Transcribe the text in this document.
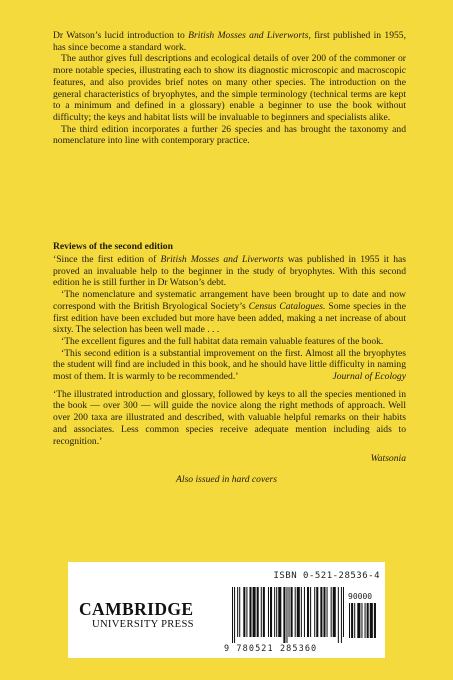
Dr Watson’s lucid introduction to British Mosses and Liverworts, first published in 1955, has since become a standard work.

The author gives full descriptions and ecological details of over 200 of the commoner or more notable species, illustrating each to show its diagnostic microscopic and macroscopic features, and also provides brief notes on many other species. The introduction on the general characteristics of bryophytes, and the simple terminology (technical terms are kept to a minimum and defined in a glossary) enable a beginner to use the book without difficulty; the keys and habitat lists will be invaluable to beginners and specialists alike.

The third edition incorporates a further 26 species and has brought the taxonomy and nomenclature into line with contemporary practice.

Reviews of the second edition

‘Since the first edition of British Mosses and Liverworts was published in 1955 it has proved an invaluable help to the beginner in the study of bryophytes. With this second edition he is still further in Dr Watson’s debt.

‘The nomenclature and systematic arrangement have been brought up to date and now correspond with the British Bryological Society’s Census Catalogues. Some species in the first edition have been excluded but more have been added, making a net increase of about sixty. The selection has been well made . . .

‘The excellent figures and the full habitat data remain valuable features of the book.

‘This second edition is a substantial improvement on the first. Almost all the bryophytes the student will find are included in this book, and he should have little difficulty in naming most of them. It is warmly to be recommended.’	Journal of Ecology

‘The illustrated introduction and glossary, followed by keys to all the species mentioned in the book — over 300 — will guide the novice along the right methods of approach. Well over 200 taxa are illustrated and described, with valuable helpful remarks on their habits and associates. Less common species receive adequate mention including aids to recognition.’

Watsonia

Also issued in hard covers
ISBN 0-521-28536-4
CAMBRIDGE
UNIVERSITY PRESS
90000
9 780521 285360
